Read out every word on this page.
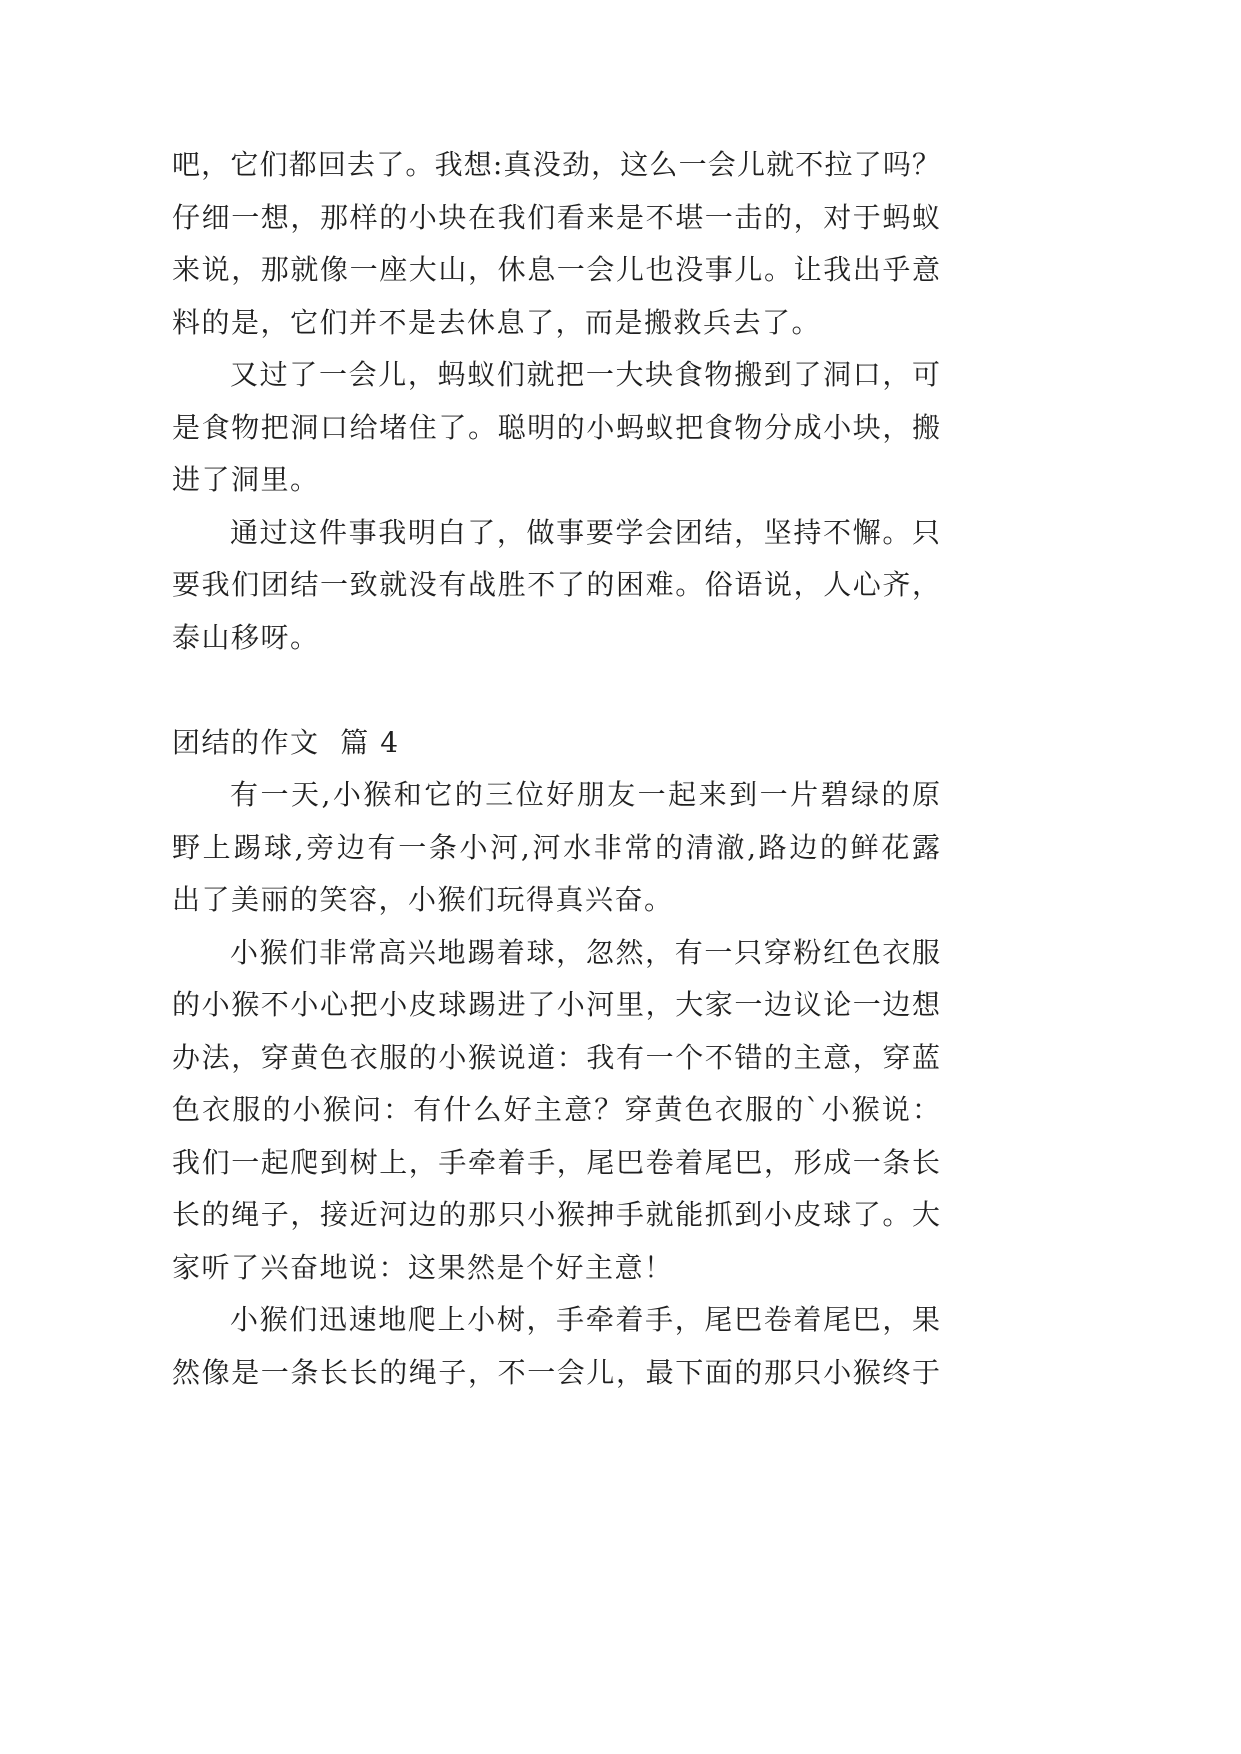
吧，它们都回去了。我想:真没劲，这么一会儿就不拉了吗？
仔细一想，那样的小块在我们看来是不堪一击的，对于蚂蚁
来说，那就像一座大山，休息一会儿也没事儿。让我出乎意
料的是，它们并不是去休息了，而是搬救兵去了。
又过了一会儿，蚂蚁们就把一大块食物搬到了洞口，可
是食物把洞口给堵住了。聪明的小蚂蚁把食物分成小块，搬
进了洞里。
通过这件事我明白了，做事要学会团结，坚持不懈。只
要我们团结一致就没有战胜不了的困难。俗语说，人心齐，
泰山移呀。
团结的作文  篇 4
有一天,小猴和它的三位好朋友一起来到一片碧绿的原
野上踢球,旁边有一条小河,河水非常的清澈,路边的鲜花露
出了美丽的笑容，小猴们玩得真兴奋。
小猴们非常高兴地踢着球，忽然，有一只穿粉红色衣服
的小猴不小心把小皮球踢进了小河里，大家一边议论一边想
办法，穿黄色衣服的小猴说道：我有一个不错的主意，穿蓝
色衣服的小猴问：有什么好主意？穿黄色衣服的`小猴说：
我们一起爬到树上，手牵着手，尾巴卷着尾巴，形成一条长
长的绳子，接近河边的那只小猴抻手就能抓到小皮球了。大
家听了兴奋地说：这果然是个好主意！
小猴们迅速地爬上小树，手牵着手，尾巴卷着尾巴，果
然像是一条长长的绳子，不一会儿，最下面的那只小猴终于
